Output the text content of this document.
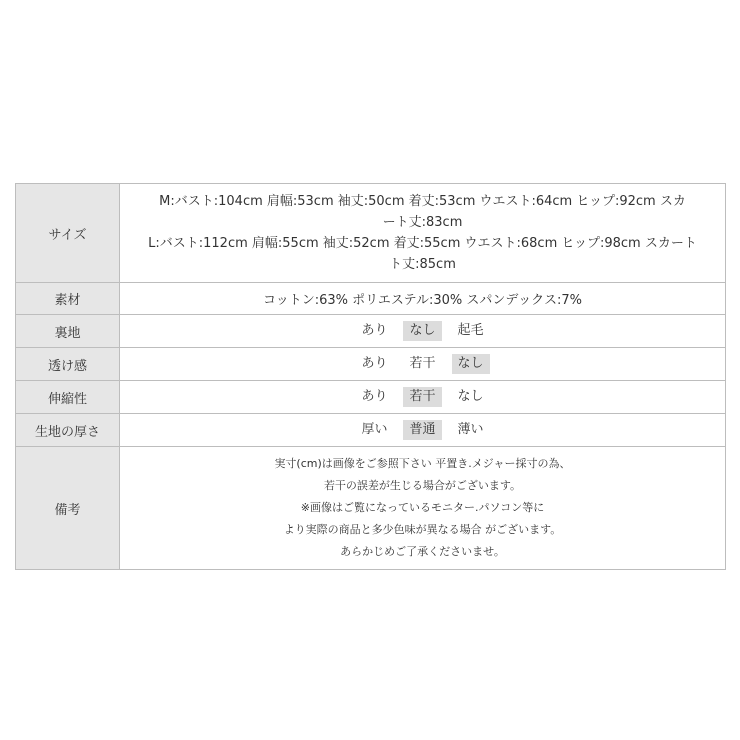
サイズ	M:バスト:104cm 肩幅:53cm 袖丈:50cm 着丈:53cm ウエスト:64cm ヒップ:92cm スカ
ート丈:83cm
L:バスト:112cm 肩幅:55cm 袖丈:52cm 着丈:55cm ウエスト:68cm ヒップ:98cm スカート
ト丈:85cm

素材	コットン:63% ポリエステル:30% スパンデックス:7%
裏地	あり なし 起毛
透け感	あり 若干 なし
伸縮性	あり 若干 なし
生地の厚さ	厚い 普通 薄い
備考	実寸(cm)は画像をご参照下さい 平置き.メジャー採寸の為、
若干の誤差が生じる場合がございます。
※画像はご覧になっているモニター.パソコン等に
より実際の商品と多少色味が異なる場合 がございます。
あらかじめご了承くださいませ。
